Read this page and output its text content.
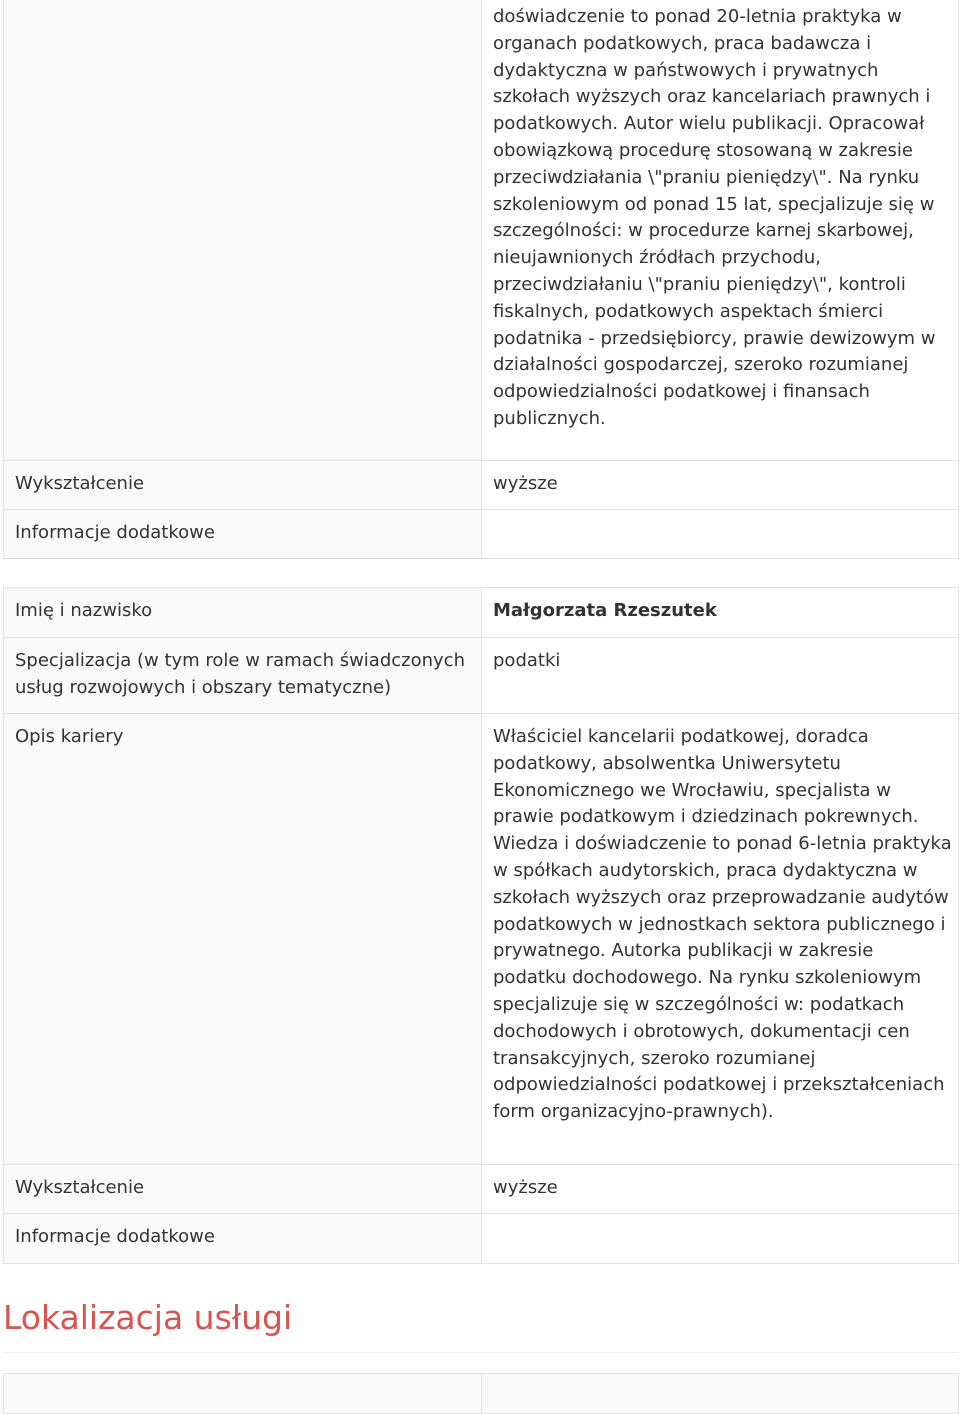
	doświadczenie to ponad 20-letnia praktyka w organach podatkowych, praca badawcza i dydaktyczna w państwowych i prywatnych szkołach wyższych oraz kancelariach prawnych i podatkowych. Autor wielu publikacji. Opracował obowiązkową procedurę stosowaną w zakresie przeciwdziałania \"praniu pieniędzy\". Na rynku szkoleniowym od ponad 15 lat, specjalizuje się w szczególności: w procedurze karnej skarbowej, nieujawnionych źródłach przychodu, przeciwdziałaniu \"praniu pieniędzy\", kontroli fiskalnych, podatkowych aspektach śmierci podatnika - przedsiębiorcy, prawie dewizowym w działalności gospodarczej, szeroko rozumianej odpowiedzialności podatkowej i finansach publicznych.

Wykształcenie	wyższe

Informacje dodatkowe	

Imię i nazwisko	Małgorzata Rzeszutek

Specjalizacja (w tym role w ramach świadczonych usług rozwojowych i obszary tematyczne)	podatki

Opis kariery	Właściciel kancelarii podatkowej, doradca podatkowy, absolwentka Uniwersytetu Ekonomicznego we Wrocławiu, specjalista w prawie podatkowym i dziedzinach pokrewnych. Wiedza i doświadczenie to ponad 6-letnia praktyka w spółkach audytorskich, praca dydaktyczna w szkołach wyższych oraz przeprowadzanie audytów podatkowych w jednostkach sektora publicznego i prywatnego. Autorka publikacji w zakresie podatku dochodowego. Na rynku szkoleniowym specjalizuje się w szczególności w: podatkach dochodowych i obrotowych, dokumentacji cen transakcyjnych, szeroko rozumianej odpowiedzialności podatkowej i przekształceniach form organizacyjno-prawnych).

Wykształcenie	wyższe

Informacje dodatkowe	

Lokalizacja usługi
